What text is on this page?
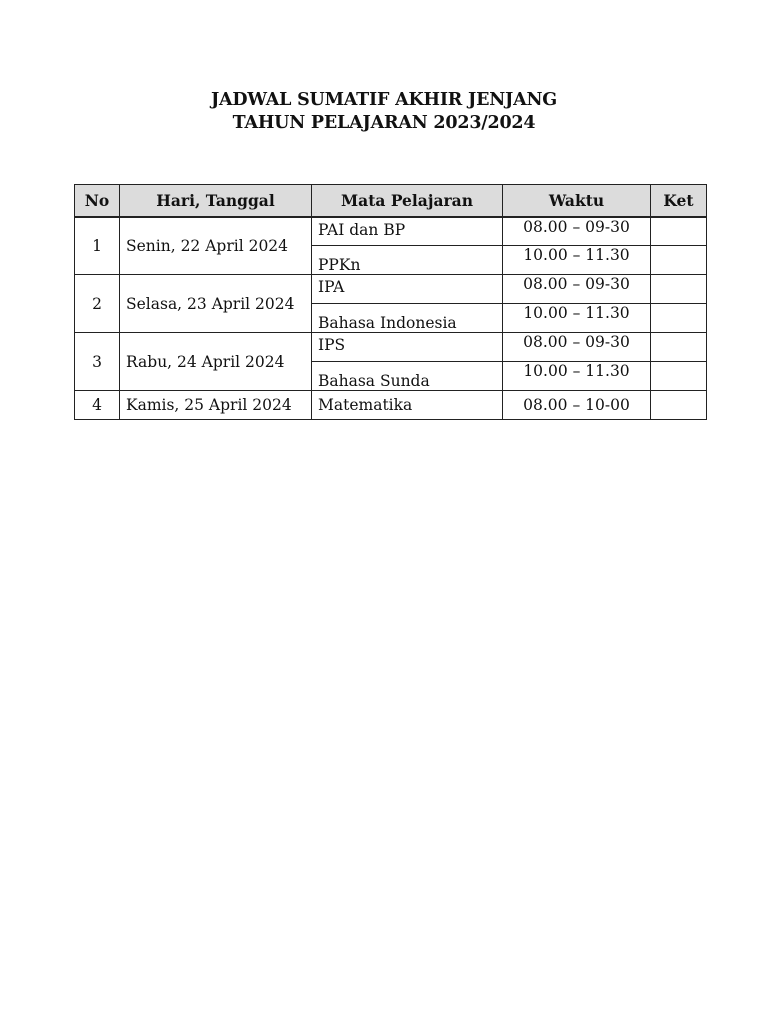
JADWAL SUMATIF AKHIR JENJANG
TAHUN PELAJARAN 2023/2024
No	Hari, Tanggal	Mata Pelajaran	Waktu	Ket
1	Senin, 22 April 2024	PAI dan BP	08.00 – 09-30	
		PPKn	10.00 – 11.30	
2	Selasa, 23 April 2024	IPA	08.00 – 09-30	
		Bahasa Indonesia	10.00 – 11.30	
3	Rabu, 24 April 2024	IPS	08.00 – 09-30	
		Bahasa Sunda	10.00 – 11.30	
4	Kamis, 25 April 2024	Matematika	08.00 – 10-00	
